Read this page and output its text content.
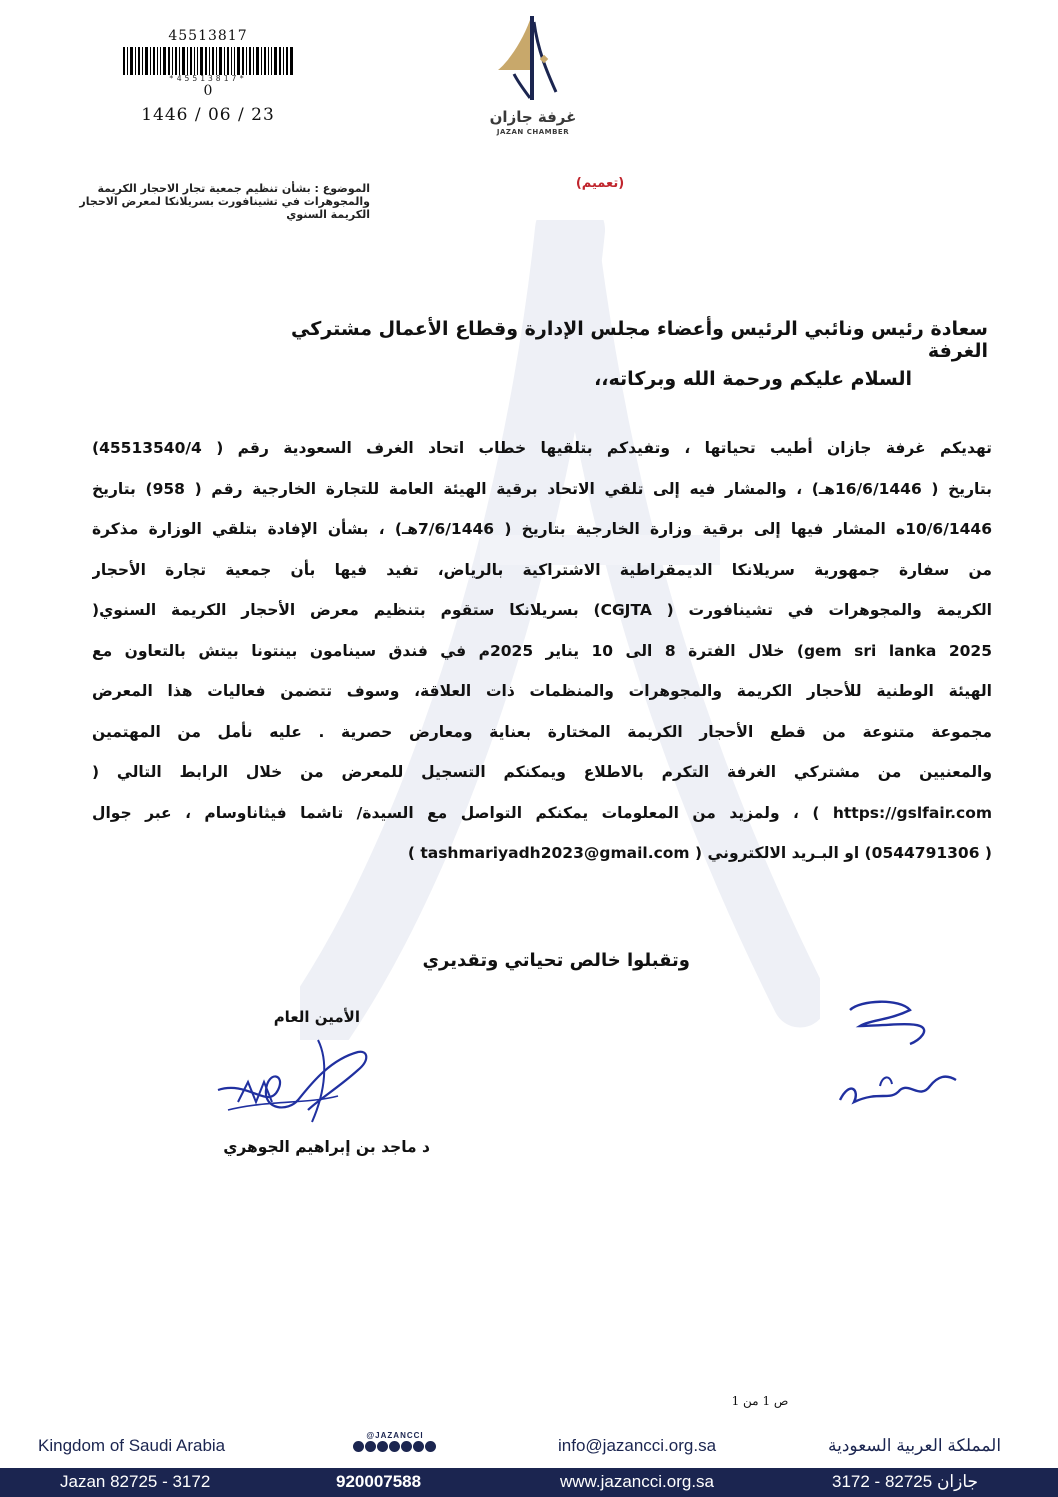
45513817
*45513817*
0
1446 / 06 / 23	غرفة جازان
JAZAN CHAMBER
(تعميم)
الموضوع : بشأن تنظيم جمعية تجار الاحجار الكريمة
والمجوهرات في تشينافورت بسريلانكا لمعرض الاحجار
الكريمة السنوي
سعادة رئيس ونائبي الرئيس وأعضاء مجلس الإدارة وقطاع الأعمال مشتركي الغرفة
السلام عليكم ورحمة الله وبركاته،،
تهديكم غرفة جازان أطيب تحياتها ، وتفيدكم بتلقيها خطاب اتحاد الغرف السعودية رقم ( 45513540/4)
بتاريخ ( 16/6/1446هـ) ، والمشار فيه إلى تلقي الاتحاد برقية الهيئة العامة للتجارة الخارجية رقم ( 958) بتاريخ
10/6/1446ه المشار فيها إلى برقية وزارة الخارجية بتاريخ ( 7/6/1446هـ) ، بشأن الإفادة بتلقي الوزارة مذكرة
من سفارة جمهورية سريلانكا الديمقراطية الاشتراكية بالرياض، تفيد فيها بأن جمعية تجارة الأحجار
الكريمة والمجوهرات في تشينافورت ( CGJTA) بسريلانكا ستقوم بتنظيم معرض الأحجار الكريمة السنوي(
gem sri lanka 2025) خلال الفترة 8 الى 10 يناير 2025م في فندق سينامون بينتونا بيتش بالتعاون مع
الهيئة الوطنية للأحجار الكريمة والمجوهرات والمنظمات ذات العلاقة، وسوف تتضمن فعاليات هذا المعرض
مجموعة متنوعة من قطع الأحجار الكريمة المختارة بعناية ومعارض حصرية . عليه نأمل من المهتمين
والمعنيين من مشتركي الغرفة التكرم بالاطلاع ويمكنكم التسجيل للمعرض من خلال الرابط التالي (
https://gslfair.com ) ، ولمزيد من المعلومات يمكنكم التواصل مع السيدة/ تاشما فيثاناوسام ، عبر جوال
( 0544791306) او البـريد الالكتروني ( tashmariyadh2023@gmail.com )
وتقبلوا خالص تحياتي وتقديري
الأمين العام
د ماجد بن إبراهيم الجوهري
ص 1 من 1
Kingdom of Saudi Arabia
@JAZANCCI
info@jazancci.org.sa	المملكة العربية السعودية
Jazan 82725 - 3172	920007588	www.jazancci.org.sa	جازان 82725 - 3172
